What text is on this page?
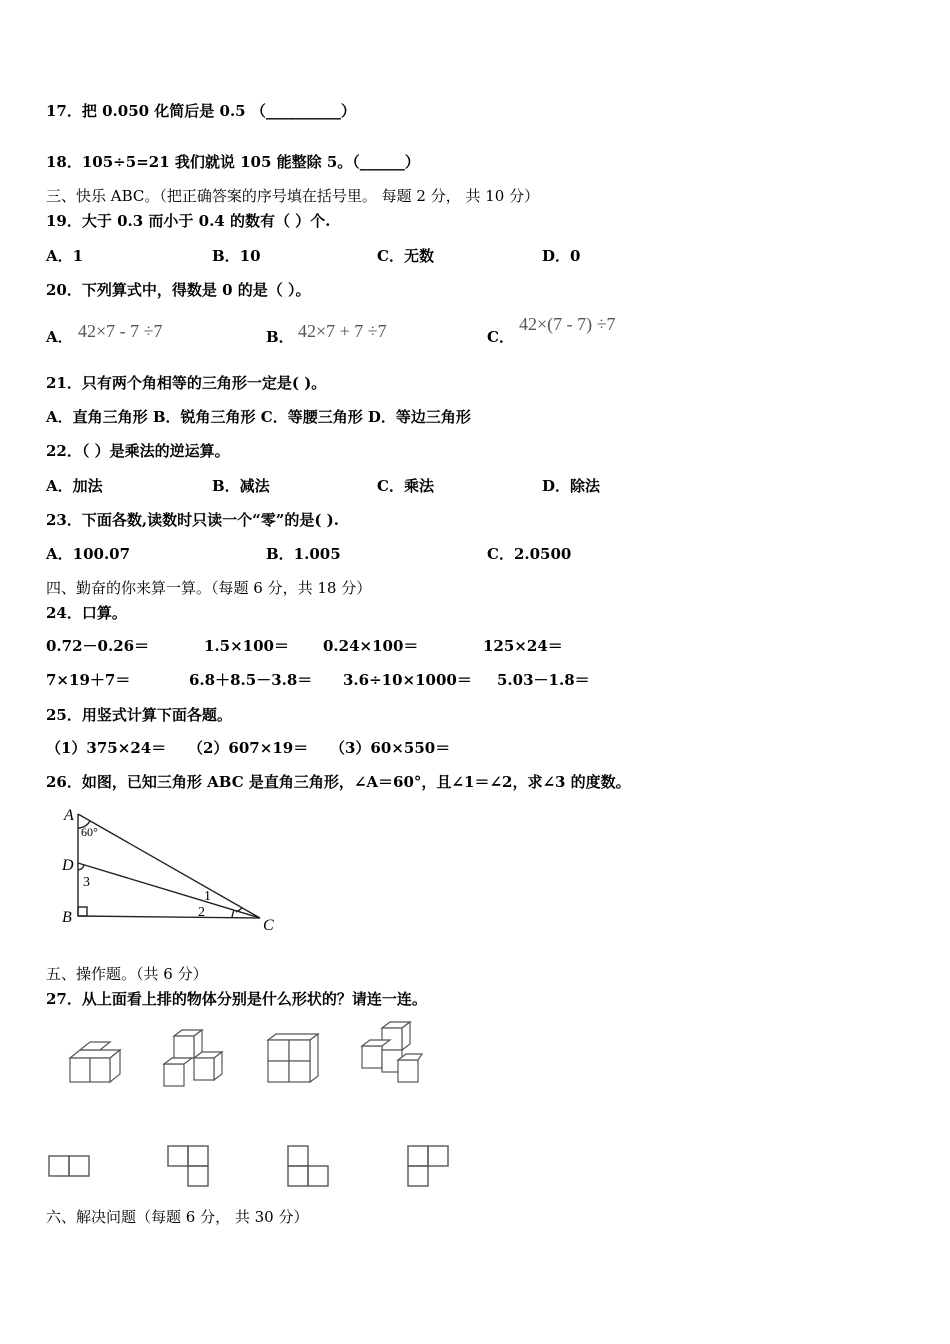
17．把 0.050 化简后是 0.5 （__________）
18．105÷5=21 我们就说 105 能整除 5。（______）
三、快乐 ABC。（把正确答案的序号填在括号里。 每题 2 分， 共 10 分）
19．大于 0.3 而小于 0.4 的数有（ ）个.
A．1	B．10	C．无数	D．0
20．下列算式中，得数是 0 的是（ ）。
A． 42×7 - 7 ÷7	B． 42×7 + 7 ÷7	C．
42×(7 - 7) ÷7
21．只有两个角相等的三角形一定是( )。
A．直角三角形 B．锐角三角形 C．等腰三角形 D．等边三角形
22．（ ）是乘法的逆运算。
A．加法	B．减法	C．乘法	D．除法
23．下面各数,读数时只读一个“零”的是( ).
A．100.07	B．1.005	C．2.0500
四、勤奋的你来算一算。（每题 6 分，共 18 分）
24．口算。
0.72－0.26＝	1.5×100＝ 0.24×100＝	125×24＝
7×19＋7＝	6.8＋8.5－3.8＝ 3.6÷10×1000＝ 5.03－1.8＝
25．用竖式计算下面各题。
（1）375×24＝ （2）607×19＝ （3）60×550＝
26．如图，已知三角形 ABC 是直角三角形，∠A＝60°，且∠1＝∠2，求∠3 的度数。
A
60°
D
3
B	C
2
1
五、操作题。（共 6 分）
27．从上面看上排的物体分别是什么形状的？请连一连。
六、解决问题（每题 6 分， 共 30 分）
